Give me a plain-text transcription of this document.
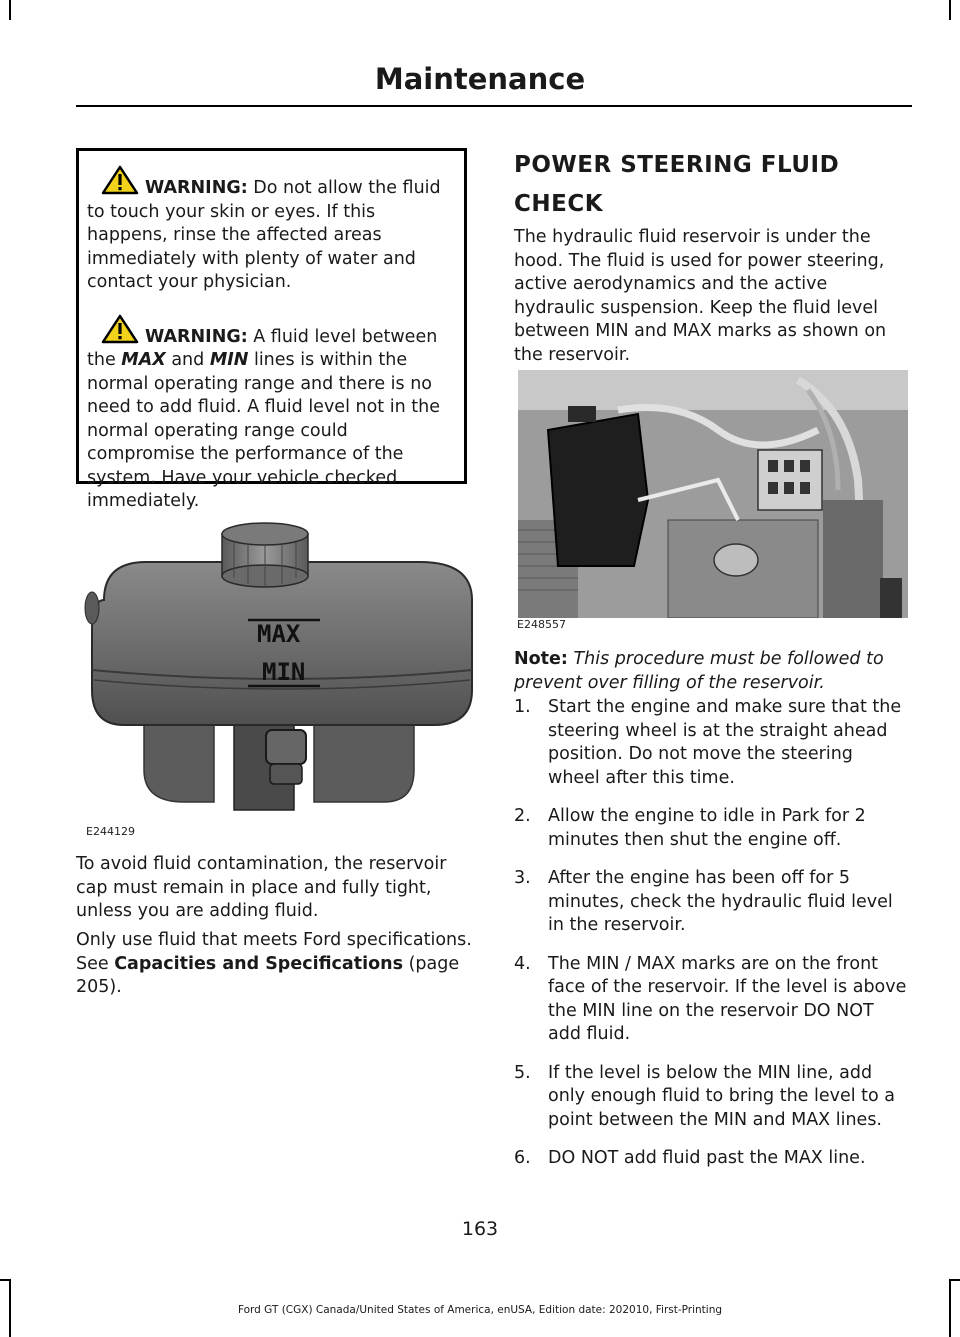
Maintenance

WARNING: Do not allow the fluid to touch your skin or eyes. If this happens, rinse the affected areas immediately with plenty of water and contact your physician.

WARNING: A fluid level between the MAX and MIN lines is within the normal operating range and there is no need to add fluid. A fluid level not in the normal operating range could compromise the performance of the system. Have your vehicle checked immediately.

MAX
MIN
E244129

To avoid fluid contamination, the reservoir cap must remain in place and fully tight, unless you are adding fluid.

Only use fluid that meets Ford specifications. See Capacities and Specifications (page 205).

POWER STEERING FLUID CHECK

The hydraulic fluid reservoir is under the hood. The fluid is used for power steering, active aerodynamics and the active hydraulic suspension. Keep the fluid level between MIN and MAX marks as shown on the reservoir.

E248557

Note: This procedure must be followed to prevent over filling of the reservoir.

1. Start the engine and make sure that the steering wheel is at the straight ahead position. Do not move the steering wheel after this time.
2. Allow the engine to idle in Park for 2 minutes then shut the engine off.
3. After the engine has been off for 5 minutes, check the hydraulic fluid level in the reservoir.
4. The MIN / MAX marks are on the front face of the reservoir. If the level is above the MIN line on the reservoir DO NOT add fluid.
5. If the level is below the MIN line, add only enough fluid to bring the level to a point between the MIN and MAX lines.
6. DO NOT add fluid past the MAX line.
163
Ford GT (CGX) Canada/United States of America, enUSA, Edition date: 202010, First-Printing
